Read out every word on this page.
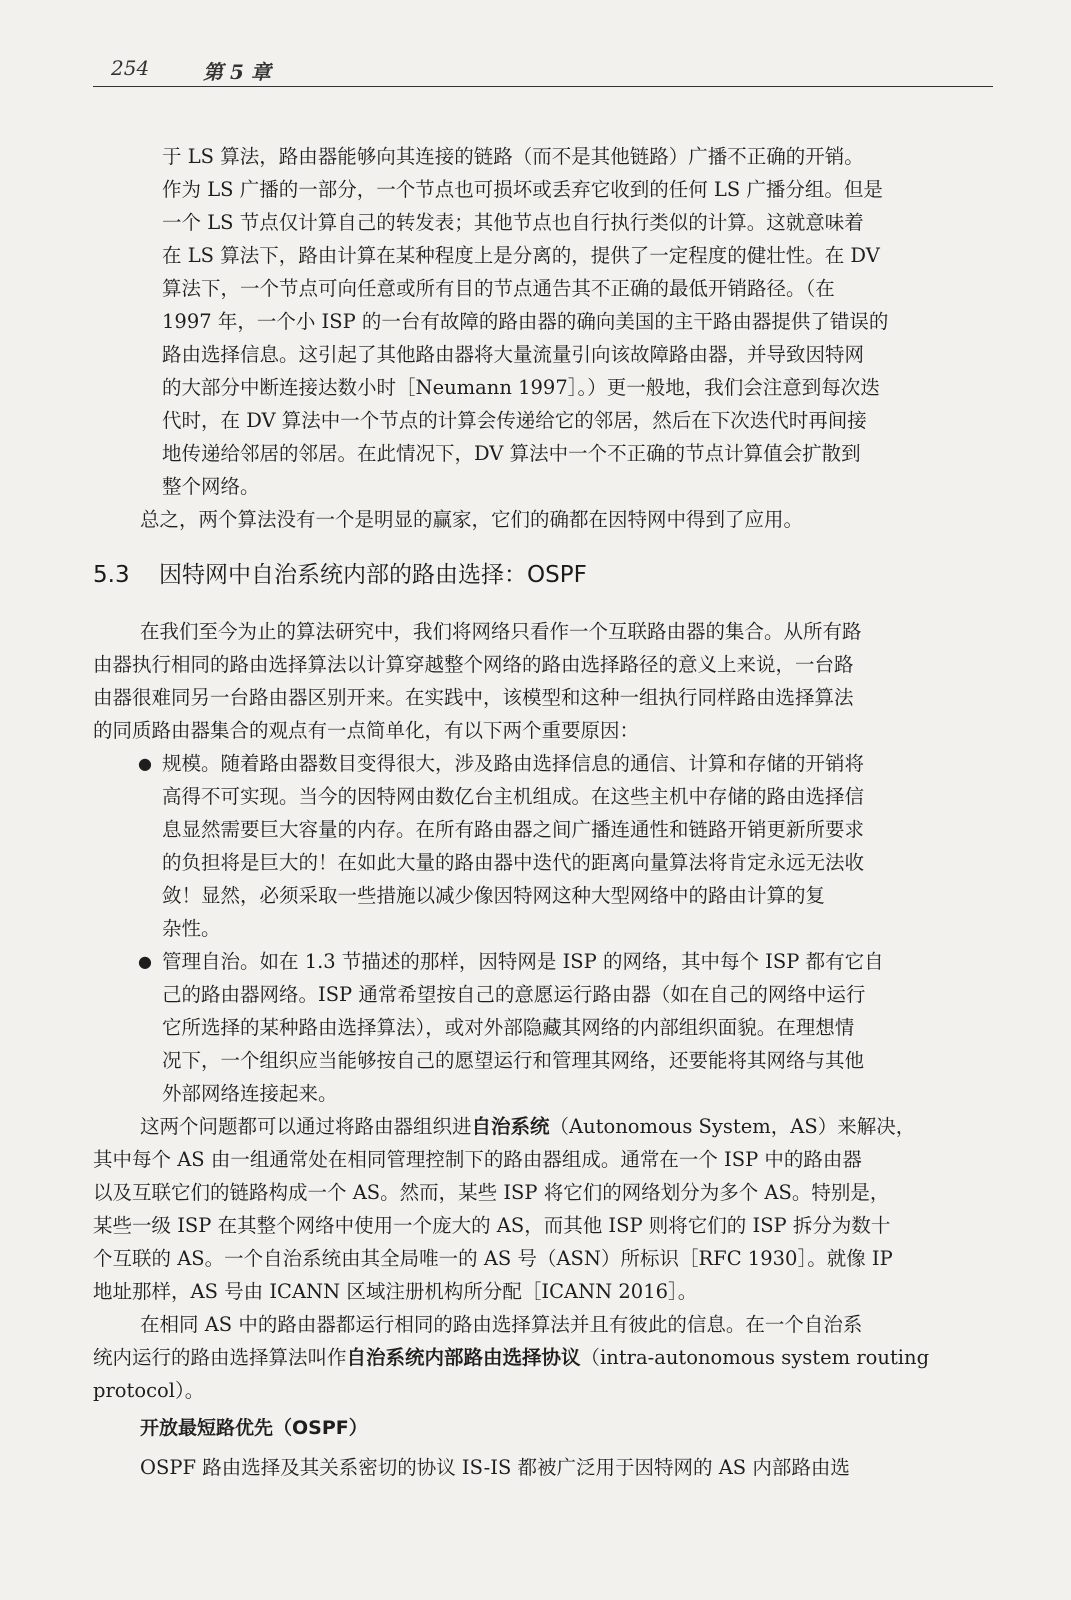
254	第 5 章
于 LS 算法，路由器能够向其连接的链路（而不是其他链路）广播不正确的开销。
作为 LS 广播的一部分，一个节点也可损坏或丢弃它收到的任何 LS 广播分组。但是
一个 LS 节点仅计算自己的转发表；其他节点也自行执行类似的计算。这就意味着
在 LS 算法下，路由计算在某种程度上是分离的，提供了一定程度的健壮性。在 DV
算法下，一个节点可向任意或所有目的节点通告其不正确的最低开销路径。（在
1997 年，一个小 ISP 的一台有故障的路由器的确向美国的主干路由器提供了错误的
路由选择信息。这引起了其他路由器将大量流量引向该故障路由器，并导致因特网
的大部分中断连接达数小时［Neumann 1997］。）更一般地，我们会注意到每次迭
代时，在 DV 算法中一个节点的计算会传递给它的邻居，然后在下次迭代时再间接
地传递给邻居的邻居。在此情况下，DV 算法中一个不正确的节点计算值会扩散到
整个网络。
总之，两个算法没有一个是明显的赢家，它们的确都在因特网中得到了应用。
5.3 因特网中自治系统内部的路由选择：OSPF
在我们至今为止的算法研究中，我们将网络只看作一个互联路由器的集合。从所有路
由器执行相同的路由选择算法以计算穿越整个网络的路由选择路径的意义上来说，一台路
由器很难同另一台路由器区别开来。在实践中，该模型和这种一组执行同样路由选择算法
的同质路由器集合的观点有一点简单化，有以下两个重要原因：
● 规模。随着路由器数目变得很大，涉及路由选择信息的通信、计算和存储的开销将
高得不可实现。当今的因特网由数亿台主机组成。在这些主机中存储的路由选择信
息显然需要巨大容量的内存。在所有路由器之间广播连通性和链路开销更新所要求
的负担将是巨大的！在如此大量的路由器中迭代的距离向量算法将肯定永远无法收
敛！显然，必须采取一些措施以减少像因特网这种大型网络中的路由计算的复
杂性。
● 管理自治。如在 1.3 节描述的那样，因特网是 ISP 的网络，其中每个 ISP 都有它自
己的路由器网络。ISP 通常希望按自己的意愿运行路由器（如在自己的网络中运行
它所选择的某种路由选择算法），或对外部隐藏其网络的内部组织面貌。在理想情
况下，一个组织应当能够按自己的愿望运行和管理其网络，还要能将其网络与其他
外部网络连接起来。
这两个问题都可以通过将路由器组织进自治系统（Autonomous System，AS）来解决，
其中每个 AS 由一组通常处在相同管理控制下的路由器组成。通常在一个 ISP 中的路由器
以及互联它们的链路构成一个 AS。然而，某些 ISP 将它们的网络划分为多个 AS。特别是，
某些一级 ISP 在其整个网络中使用一个庞大的 AS，而其他 ISP 则将它们的 ISP 拆分为数十
个互联的 AS。一个自治系统由其全局唯一的 AS 号（ASN）所标识［RFC 1930］。就像 IP
地址那样，AS 号由 ICANN 区域注册机构所分配［ICANN 2016］。
在相同 AS 中的路由器都运行相同的路由选择算法并且有彼此的信息。在一个自治系
统内运行的路由选择算法叫作自治系统内部路由选择协议（intra-autonomous system routing
protocol）。
开放最短路优先（OSPF）
OSPF 路由选择及其关系密切的协议 IS-IS 都被广泛用于因特网的 AS 内部路由选
